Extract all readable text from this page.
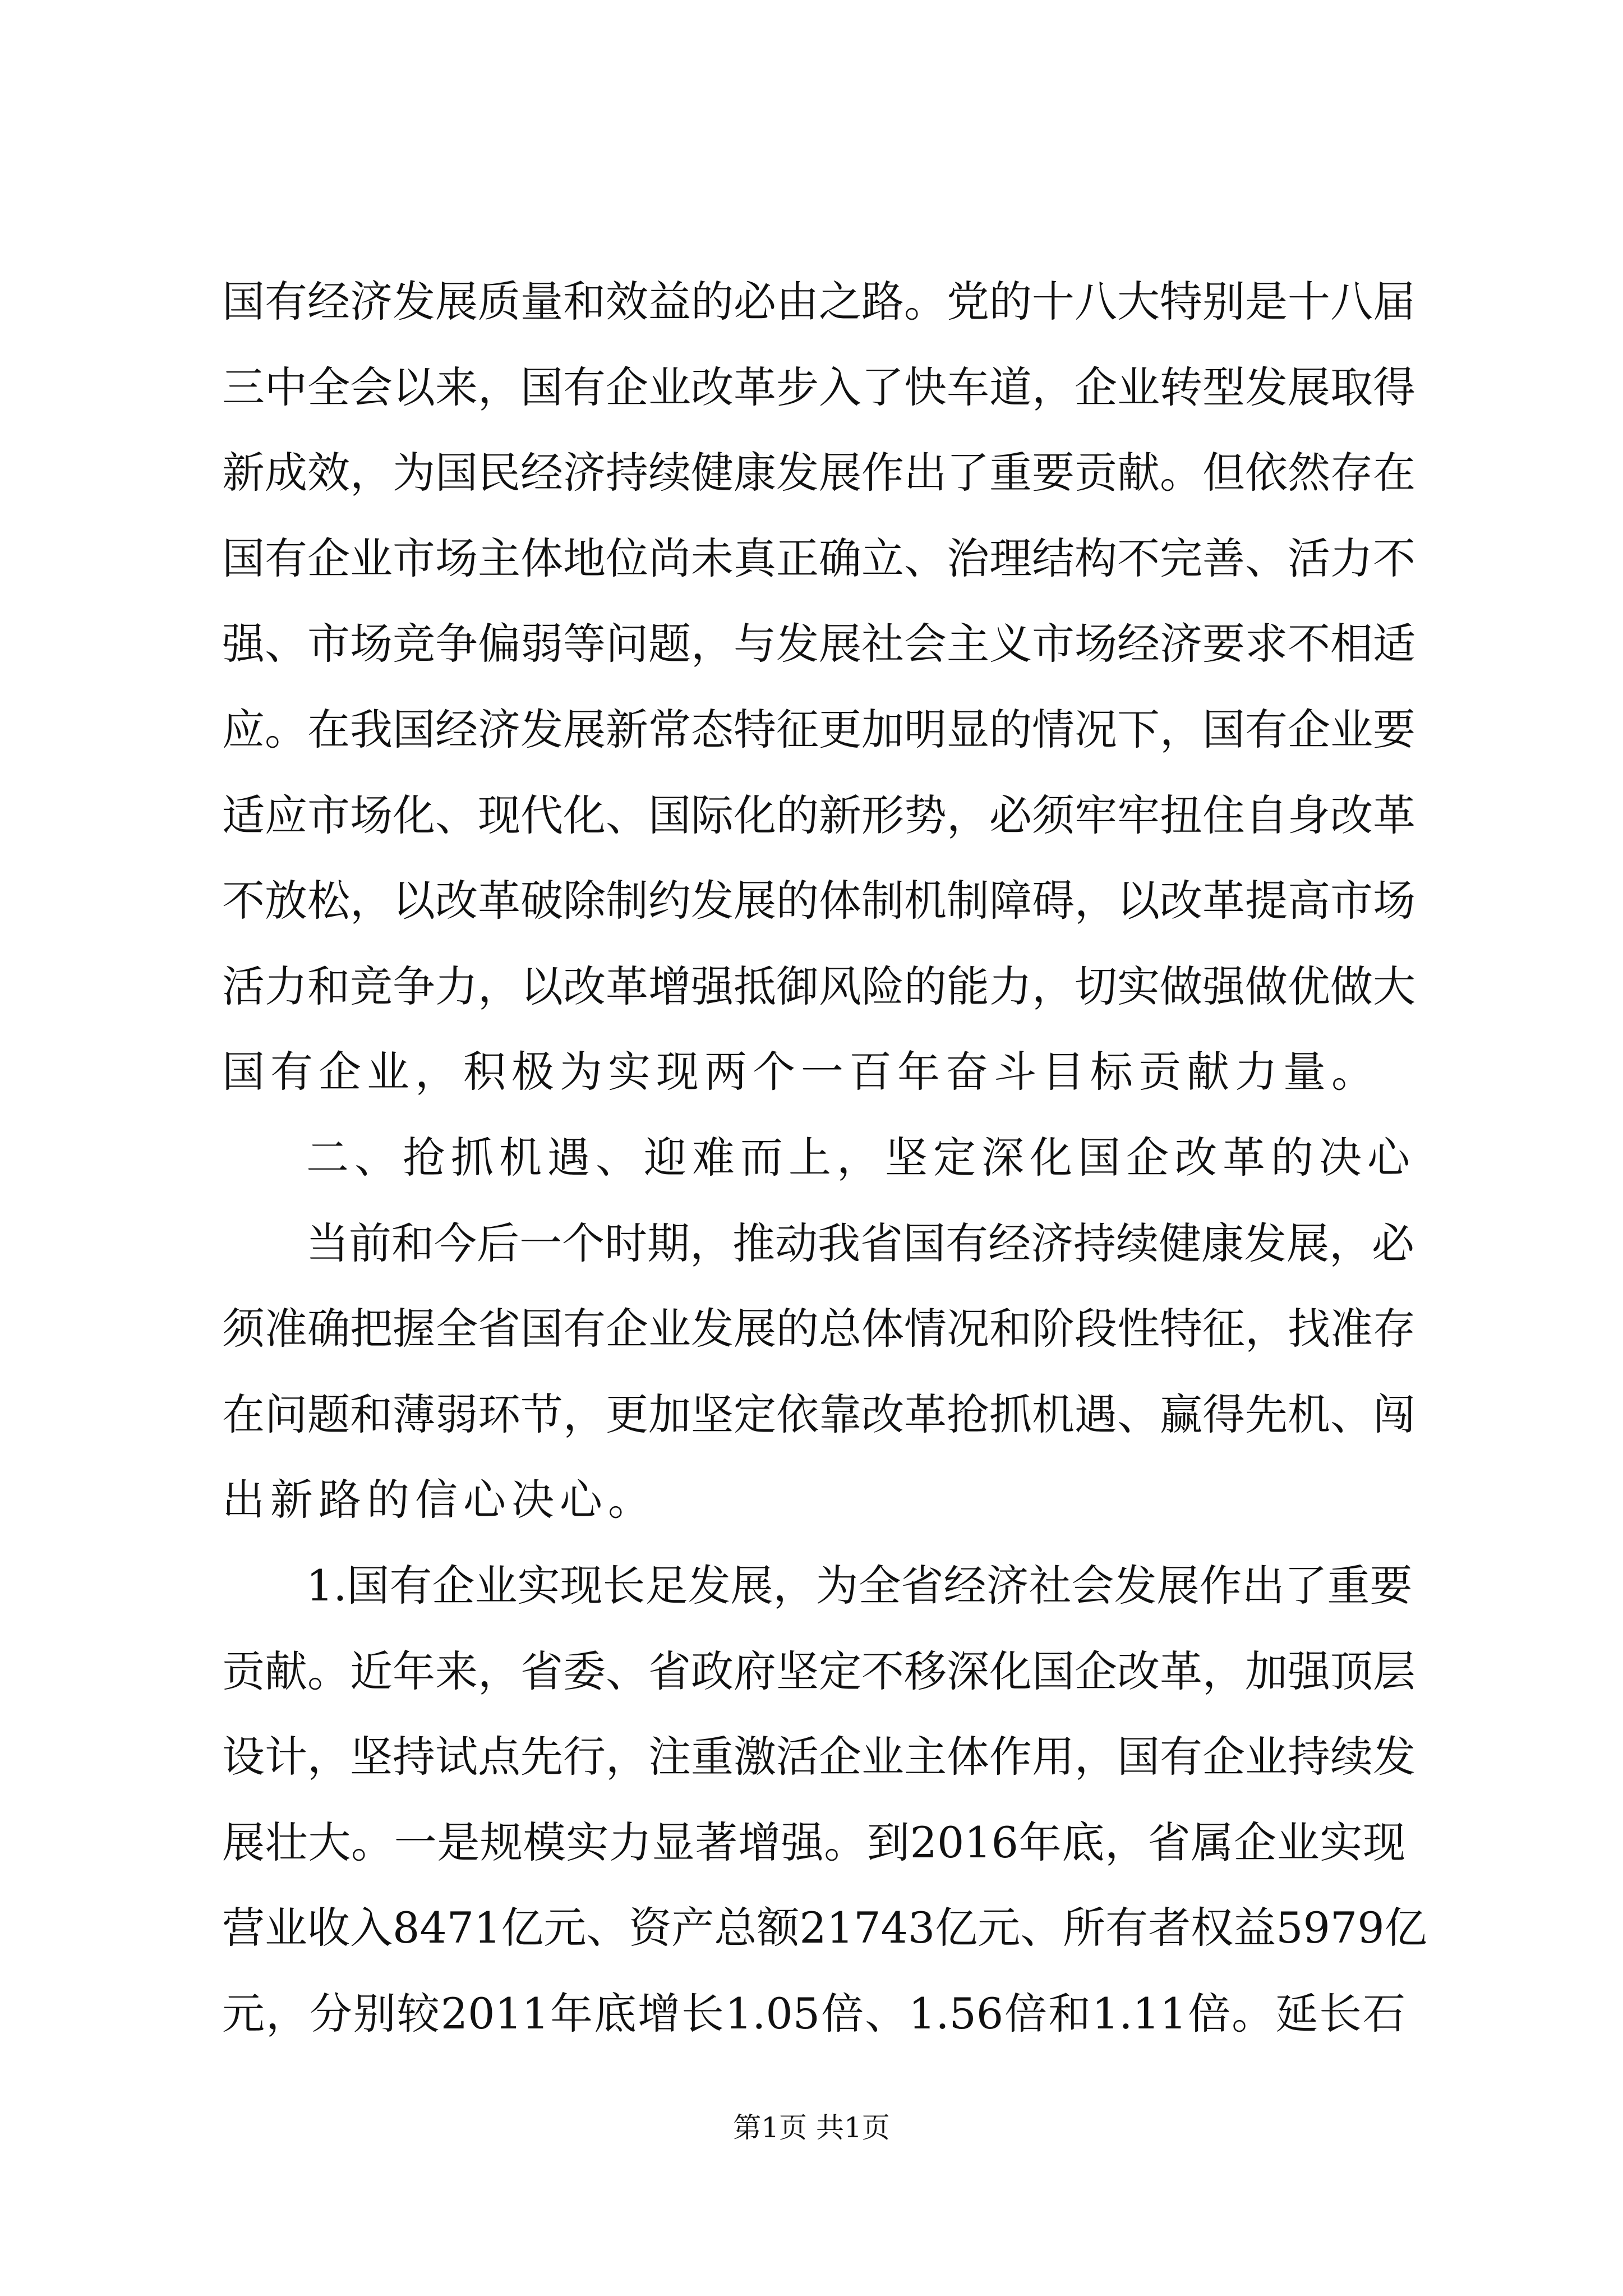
国有经济发展质量和效益的必由之路。党的十八大特别是十八届
三中全会以来，国有企业改革步入了快车道，企业转型发展取得
新成效，为国民经济持续健康发展作出了重要贡献。但依然存在
国有企业市场主体地位尚未真正确立、治理结构不完善、活力不
强、市场竞争偏弱等问题，与发展社会主义市场经济要求不相适
应。在我国经济发展新常态特征更加明显的情况下，国有企业要
适应市场化、现代化、国际化的新形势，必须牢牢扭住自身改革
不放松，以改革破除制约发展的体制机制障碍，以改革提高市场
活力和竞争力，以改革增强抵御风险的能力，切实做强做优做大
国有企业，积极为实现两个一百年奋斗目标贡献力量。
二、抢抓机遇、迎难而上，坚定深化国企改革的决心
当前和今后一个时期，推动我省国有经济持续健康发展，必
须准确把握全省国有企业发展的总体情况和阶段性特征，找准存
在问题和薄弱环节，更加坚定依靠改革抢抓机遇、赢得先机、闯
出新路的信心决心。
1.国有企业实现长足发展，为全省经济社会发展作出了重要
贡献。近年来，省委、省政府坚定不移深化国企改革，加强顶层
设计，坚持试点先行，注重激活企业主体作用，国有企业持续发
展壮大。一是规模实力显著增强。到2016年底，省属企业实现
营业收入8471亿元、资产总额21743亿元、所有者权益5979亿
元，分别较2011年底增长1.05倍、1.56倍和1.11倍。延长石
第1页 共1页
